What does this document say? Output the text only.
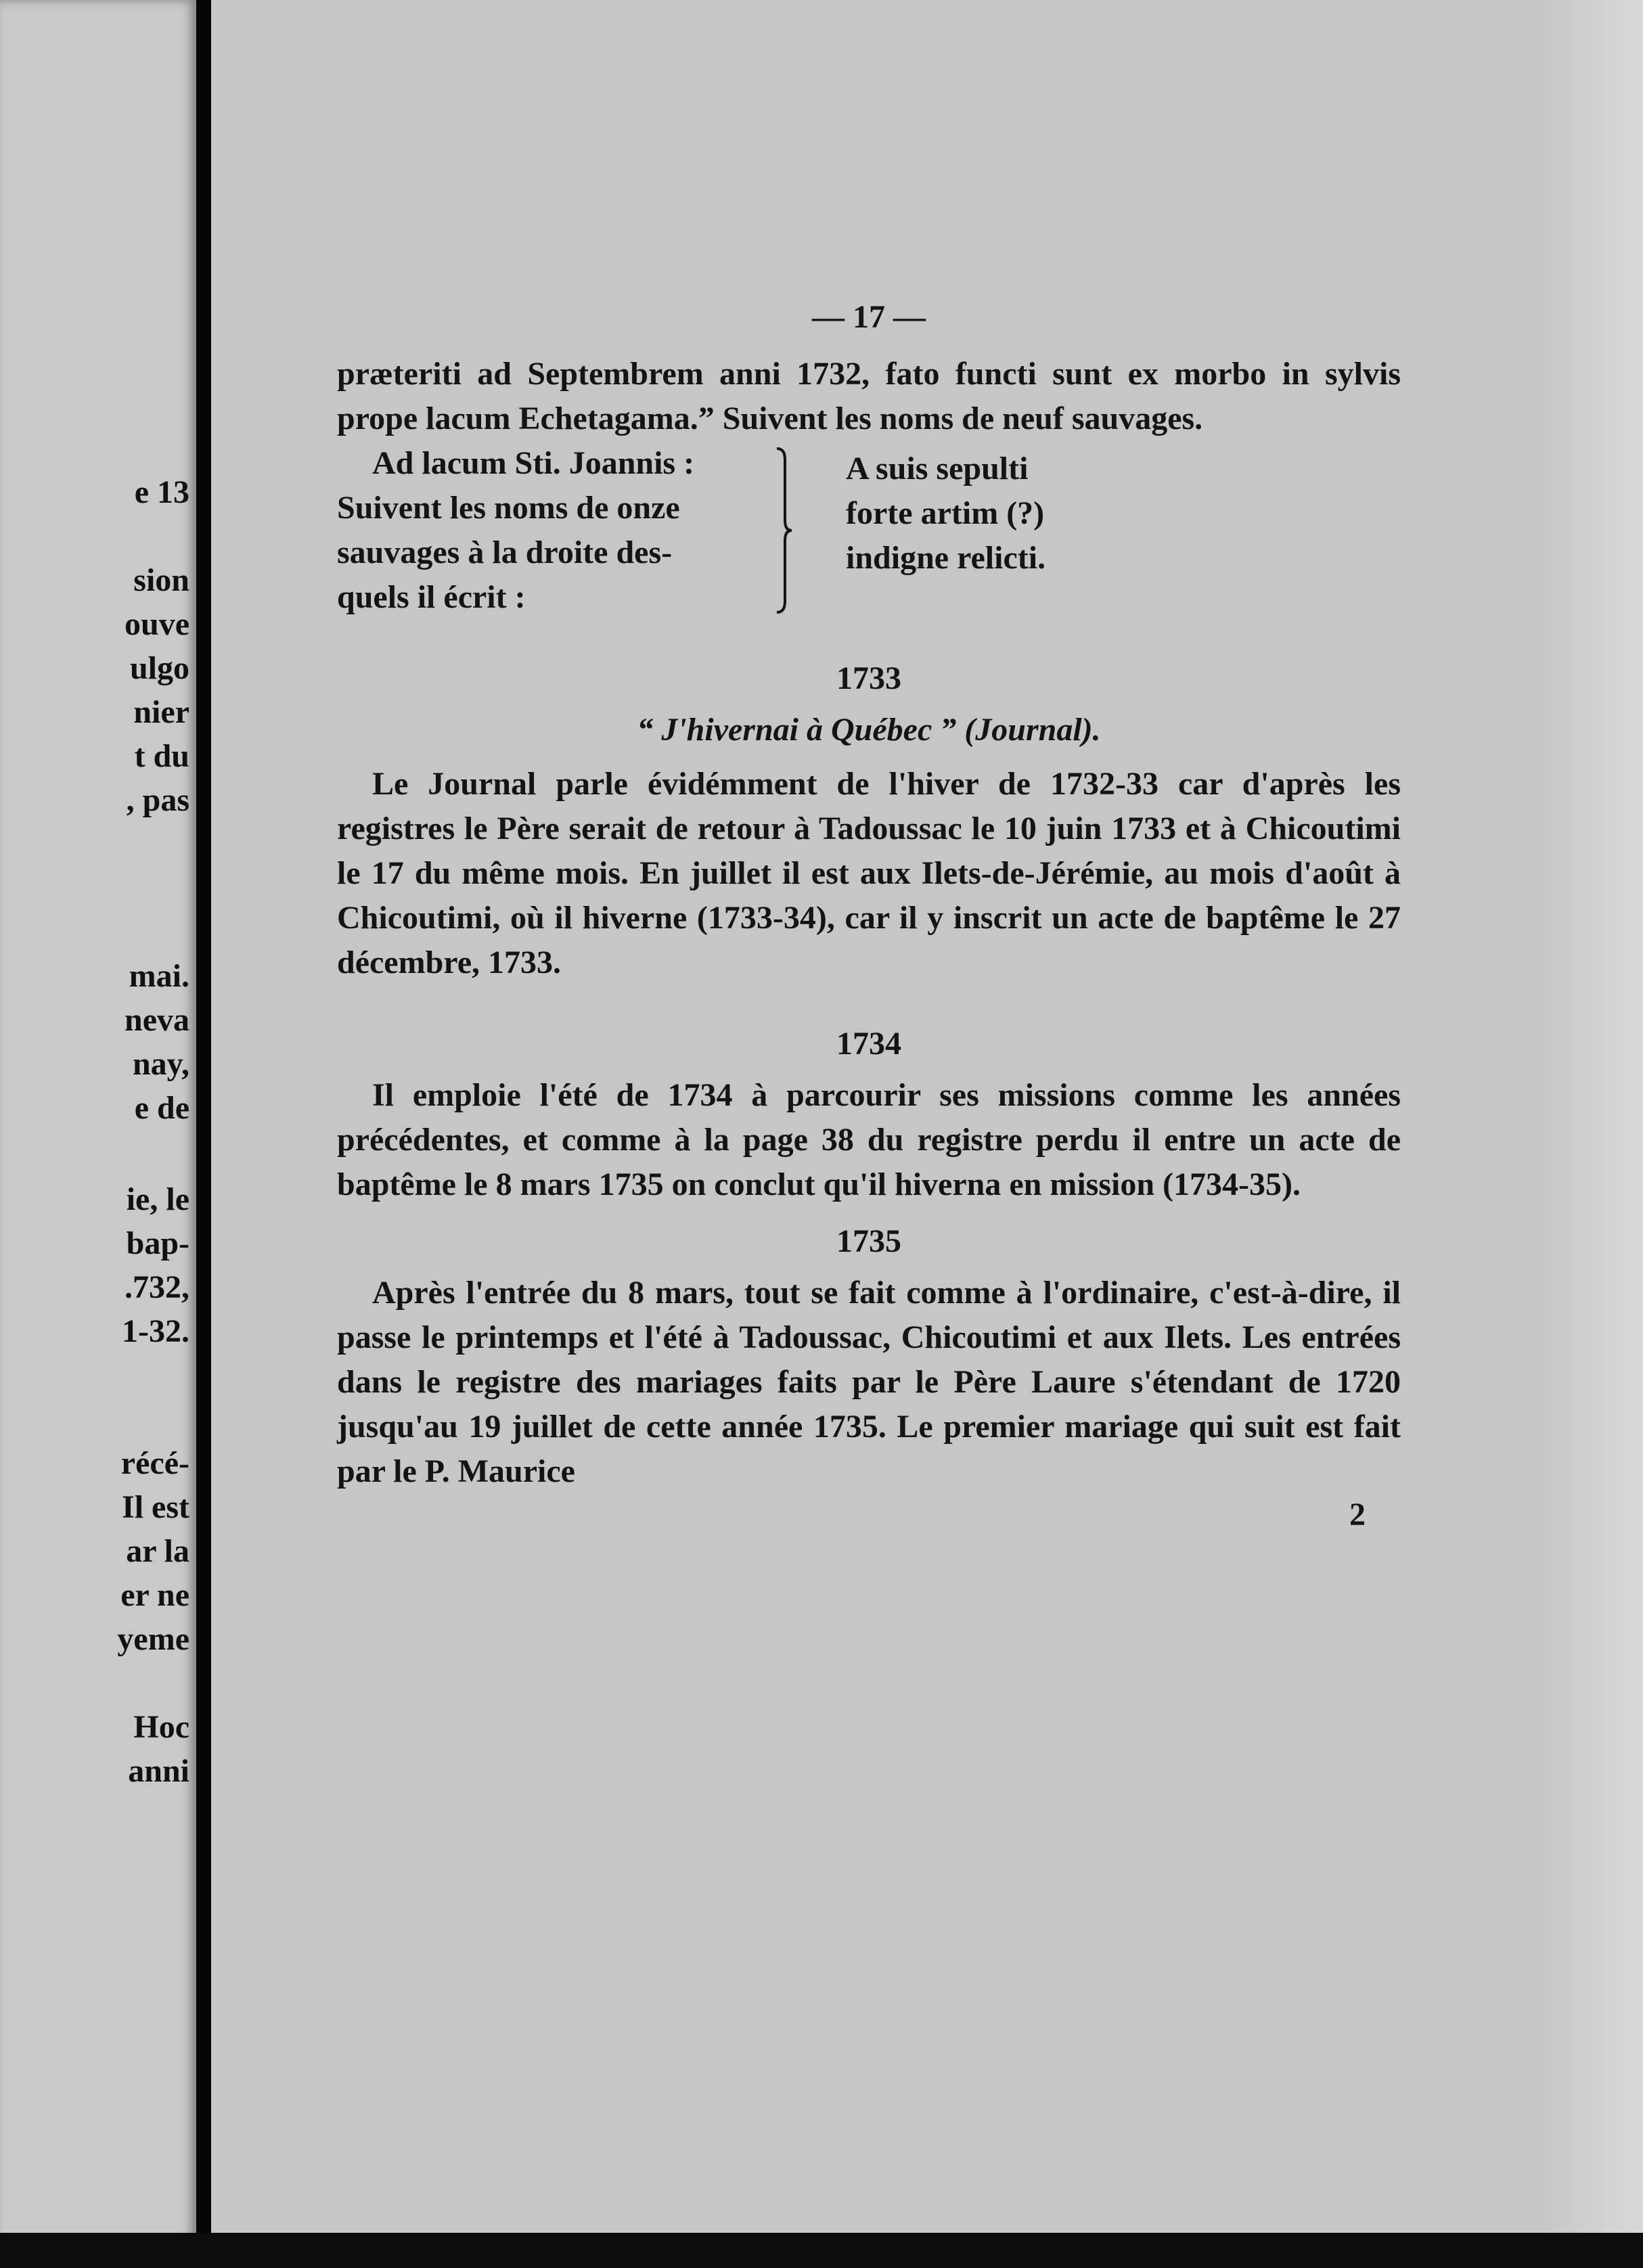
e 13
sion
ouve
ulgo
nier
t du
, pas
mai.
neva
nay,
e de
ie, le
bap-
.732,
1-32.
récé-
Il est
ar la
er ne
yeme
Hoc
anni
— 17 —

præteriti ad Septembrem anni 1732, fato functi sunt ex morbo in sylvis prope lacum Echetagama.” Suivent les noms de neuf sauvages.

Ad lacum Sti. Joannis :

Suivent les noms de onze

sauvages à la droite des-

quels il écrit :

A suis sepulti

forte artim (?)

indigne relicti.

1733
“ J'hivernai à Québec ” (Journal).

Le Journal parle évidémment de l'hiver de 1732-33 car d'après les registres le Père serait de retour à Tadoussac le 10 juin 1733 et à Chicoutimi le 17 du même mois. En juillet il est aux Ilets-de-Jérémie, au mois d'août à Chicoutimi, où il hiverne (1733-34), car il y inscrit un acte de baptême le 27 décembre, 1733.

1734

Il emploie l'été de 1734 à parcourir ses missions comme les années précédentes, et comme à la page 38 du registre perdu il entre un acte de baptême le 8 mars 1735 on conclut qu'il hiverna en mission (1734-35).

1735

Après l'entrée du 8 mars, tout se fait comme à l'ordinaire, c'est-à-dire, il passe le printemps et l'été à Tadoussac, Chicoutimi et aux Ilets. Les entrées dans le registre des mariages faits par le Père Laure s'étendant de 1720 jusqu'au 19 juillet de cette année 1735. Le premier mariage qui suit est fait par le P. Maurice

2
